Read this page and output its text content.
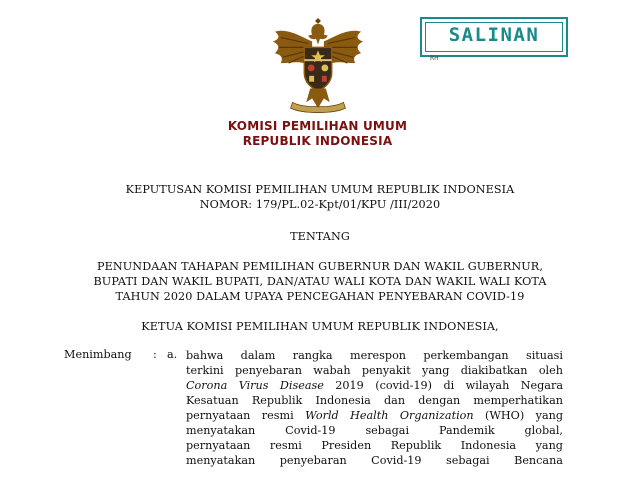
KOMISI PEMILIHAN UMUM
REPUBLIK INDONESIA
SALINAN
RH
KEPUTUSAN KOMISI PEMILIHAN UMUM REPUBLIK INDONESIA
NOMOR: 179/PL.02-Kpt/01/KPU /III/2020
TENTANG
PENUNDAAN TAHAPAN PEMILIHAN GUBERNUR DAN WAKIL GUBERNUR,
BUPATI DAN WAKIL BUPATI, DAN/ATAU WALI KOTA DAN WAKIL WALI KOTA
TAHUN 2020 DALAM UPAYA PENCEGAHAN PENYEBARAN COVID-19
KETUA KOMISI PEMILIHAN UMUM REPUBLIK INDONESIA,
Menimbang : a. bahwa dalam rangka merespon perkembangan situasi
terkini penyebaran wabah penyakit yang diakibatkan oleh
Corona Virus Disease 2019 (covid-19) di wilayah Negara
Kesatuan Republik Indonesia dan dengan memperhatikan
pernyataan resmi World Health Organization (WHO) yang
menyatakan	Covid-19	sebagai	Pandemik	global,
pernyataan resmi Presiden Republik Indonesia yang
menyatakan penyebaran Covid-19 sebagai Bencana
